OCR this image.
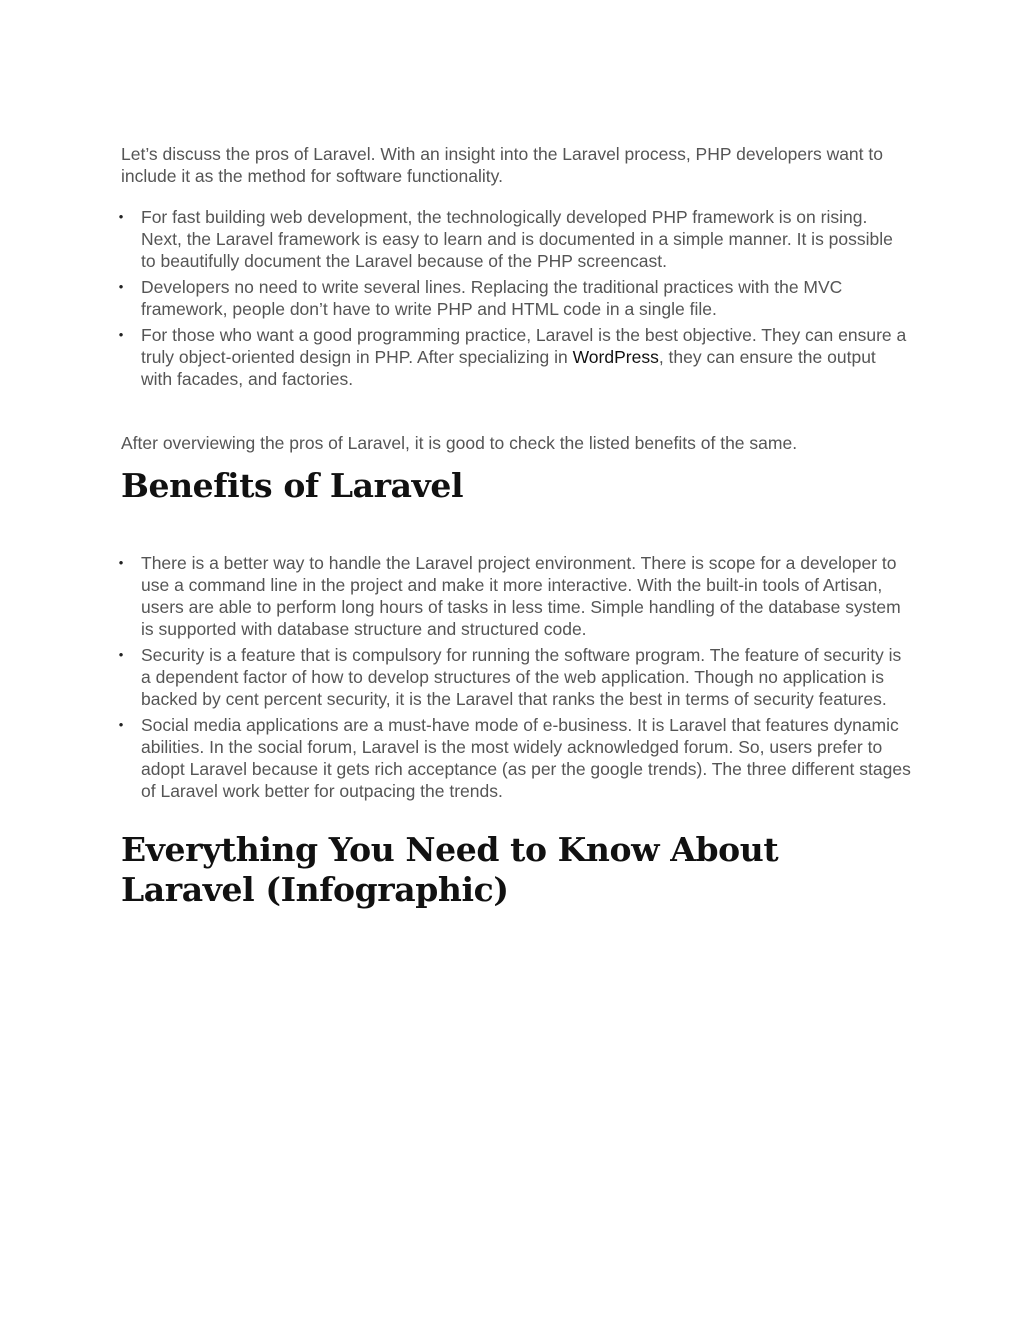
Let’s discuss the pros of Laravel. With an insight into the Laravel process, PHP developers want to include it as the method for software functionality.

• For fast building web development, the technologically developed PHP framework is on rising. Next, the Laravel framework is easy to learn and is documented in a simple manner. It is possible to beautifully document the Laravel because of the PHP screencast.
• Developers no need to write several lines. Replacing the traditional practices with the MVC framework, people don’t have to write PHP and HTML code in a single file.
• For those who want a good programming practice, Laravel is the best objective. They can ensure a truly object-oriented design in PHP. After specializing in WordPress, they can ensure the output with facades, and factories.

After overviewing the pros of Laravel, it is good to check the listed benefits of the same.

Benefits of Laravel
• There is a better way to handle the Laravel project environment. There is scope for a developer to use a command line in the project and make it more interactive. With the built-in tools of Artisan, users are able to perform long hours of tasks in less time. Simple handling of the database system is supported with database structure and structured code.
• Security is a feature that is compulsory for running the software program. The feature of security is a dependent factor of how to develop structures of the web application. Though no application is backed by cent percent security, it is the Laravel that ranks the best in terms of security features.
• Social media applications are a must-have mode of e-business. It is Laravel that features dynamic abilities. In the social forum, Laravel is the most widely acknowledged forum. So, users prefer to adopt Laravel because it gets rich acceptance (as per the google trends). The three different stages of Laravel work better for outpacing the trends.
Everything You Need to Know About Laravel (Infographic)
